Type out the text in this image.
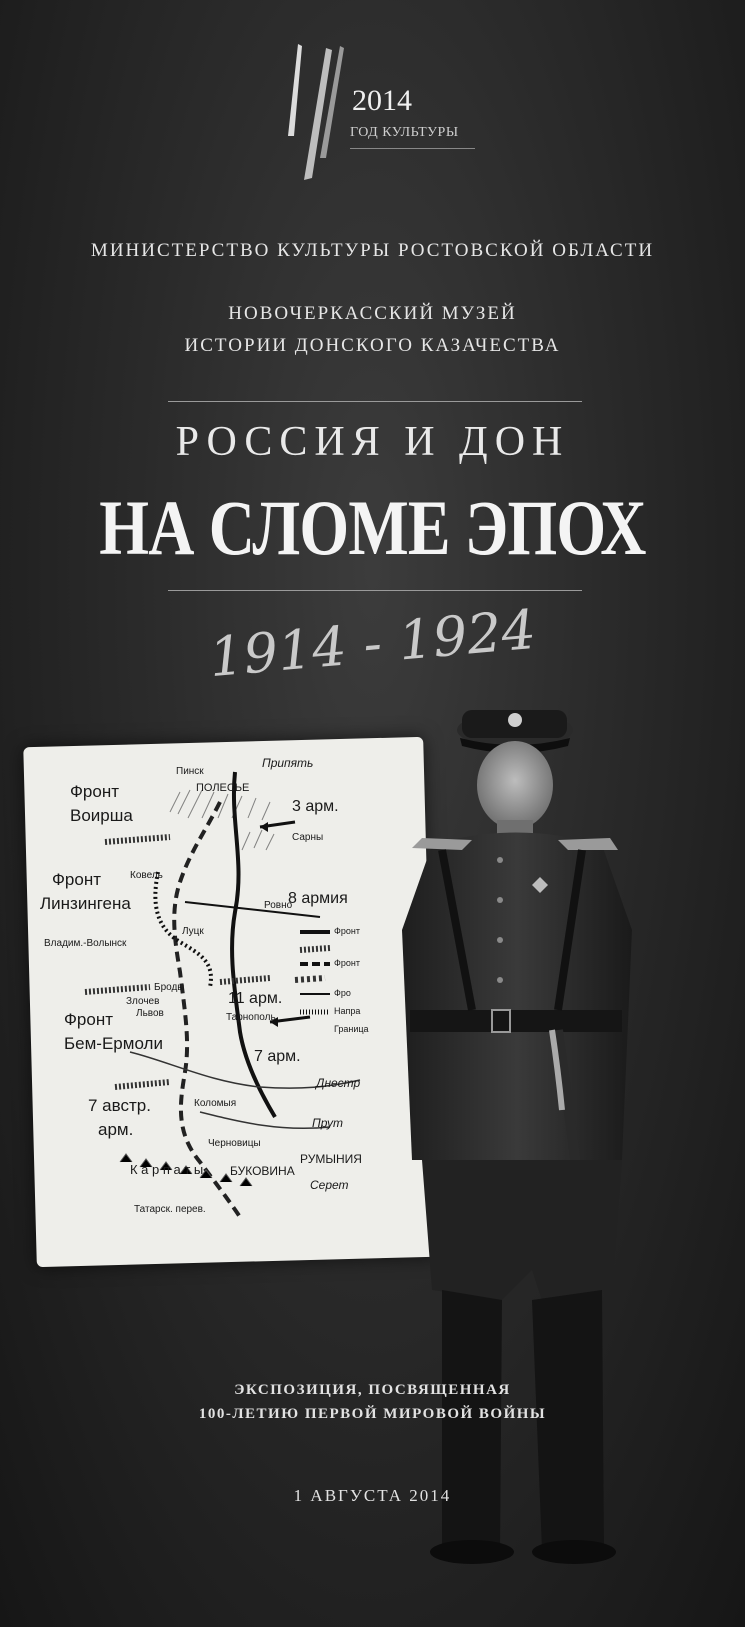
2014
ГОД КУЛЬТУРЫ
МИНИСТЕРСТВО КУЛЬТУРЫ РОСТОВСКОЙ ОБЛАСТИ
НОВОЧЕРКАССКИЙ МУЗЕЙ
ИСТОРИИ ДОНСКОГО КАЗАЧЕСТВА
РОССИЯ И ДОН
НА СЛОМЕ ЭПОХ
1914 - 1924
Пинск
Припять
ПОЛЕСЬЕ
3 арм.
Сарны
Фронт
Воирша
Ковель
Фронт
Линзингена	Ровно
8 армия
Луцк
Владим.-Волынск
Броды
Злочев
Львов
11 арм.
Тарнополь
Фронт
Бем-Ермоли
7 арм.
Днестр
7 австр.
арм.
Коломыя
Прут
Черновицы
РУМЫНИЯ
БУКОВИНА
Серет
К а р п а т ы
Татарск. перев.
Фронт
Фронт
Фро
Напра
Граница
ЭКСПОЗИЦИЯ, ПОСВЯЩЕННАЯ
100-ЛЕТИЮ ПЕРВОЙ МИРОВОЙ ВОЙНЫ
1 АВГУСТА 2014
